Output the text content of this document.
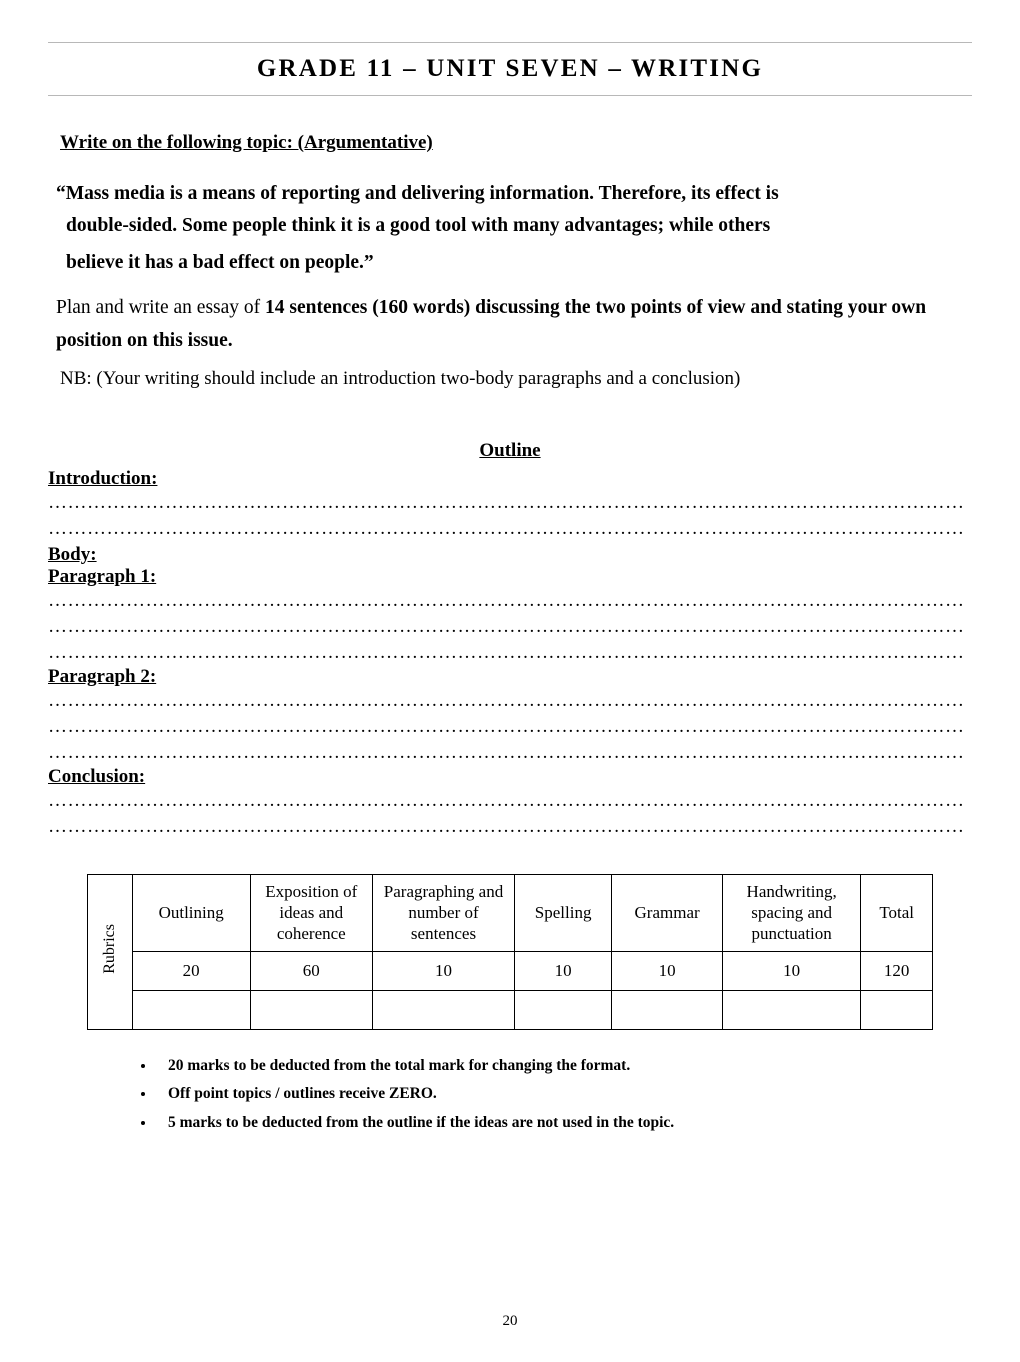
GRADE 11 – UNIT SEVEN – WRITING
Write on the following topic: (Argumentative)
“Mass media is a means of reporting and delivering information. Therefore, its effect is
double-sided. Some people think it is a good tool with many advantages; while others
believe it has a bad effect on people.”
Plan and write an essay of 14 sentences (160 words) discussing the two points of view and stating your own position on this issue.
NB: (Your writing should include an introduction two-body paragraphs and a conclusion)
Outline
Introduction:
……………………………………………………………………………………………………………………………
……………………………………………………………………………………………………………………………
Body:
Paragraph 1:
……………………………………………………………………………………………………………………………
……………………………………………………………………………………………………………………………
……………………………………………………………………………………………………………………………
Paragraph 2:
……………………………………………………………………………………………………………………………
……………………………………………………………………………………………………………………………
……………………………………………………………………………………………………………………………
Conclusion:
……………………………………………………………………………………………………………………………
……………………………………………………………………………………………………………………………
Rubrics	Outlining	Exposition of ideas and coherence	Paragraphing and number of sentences	Spelling	Grammar	Handwriting, spacing and punctuation	Total
	20	60	10	10	10	10	120

• 20 marks to be deducted from the total mark for changing the format.
• Off point topics / outlines receive ZERO.
• 5 marks to be deducted from the outline if the ideas are not used in the topic.
20
